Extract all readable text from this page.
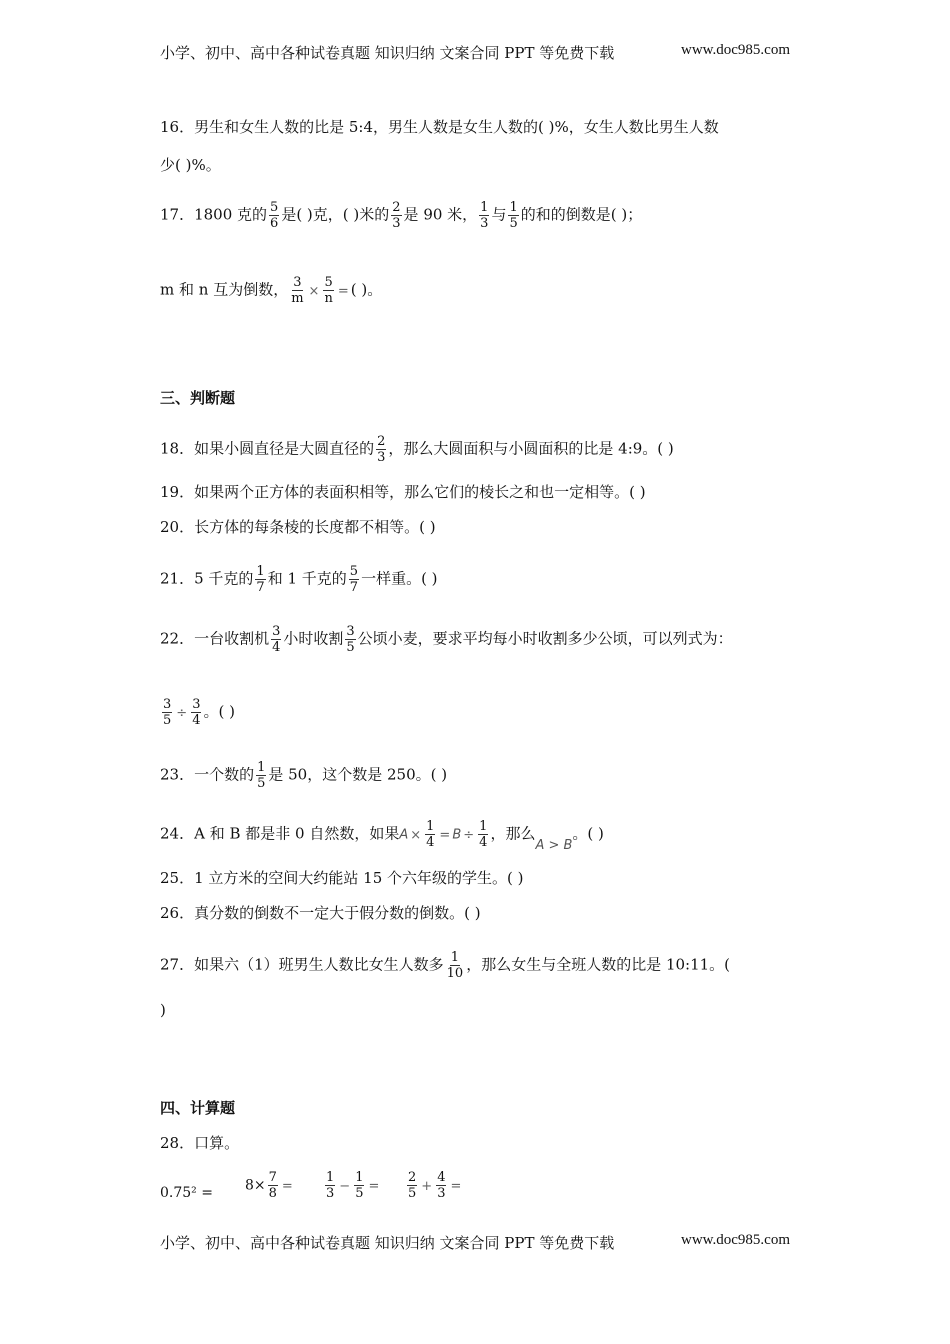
小学、初中、高中各种试卷真题 知识归纳 文案合同 PPT 等免费下载	www.doc985.com
16．男生和女生人数的比是 5:4，男生人数是女生人数的( )%，女生人数比男生人数
少( )%。
17．1800 克的 $\frac{5}{6}$ 是( )克，( )米的 $\frac{2}{3}$ 是 90 米， $\frac{1}{3}$ 与 $\frac{1}{5}$ 的和的倒数是( )；
m 和 n 互为倒数， $\frac{3}{m} \times \frac{5}{n}$ = ( )。
三、判断题
18．如果小圆直径是大圆直径的 $\frac{2}{3}$ ，那么大圆面积与小圆面积的比是 4:9。( )
19．如果两个正方体的表面积相等，那么它们的棱长之和也一定相等。( )
20．长方体的每条棱的长度都不相等。( )
21．5 千克的 $\frac{1}{7}$ 和 1 千克的 $\frac{5}{7}$ 一样重。( )
22．一台收割机 $\frac{3}{4}$ 小时收割 $\frac{3}{5}$ 公顷小麦，要求平均每小时收割多少公顷，可以列式为：
$\frac{3}{5} \div \frac{3}{4}$ 。( )
23．一个数的 $\frac{1}{5}$ 是 50，这个数是 250。( )
24．A 和 B 都是非 0 自然数，如果$A \times \frac{1}{4} = B \div \frac{1}{4}$ ，那么A > B。( )
25．1 立方米的空间大约能站 15 个六年级的学生。( )
26．真分数的倒数不一定大于假分数的倒数。( )
27．如果六（1）班男生人数比女生人数多 $\frac{1}{10}$ ，那么女生与全班人数的比是 10:11。(
)
四、计算题
28．口算。
$0.75^2 = 8\times \frac{7}{8} = \frac{1}{3} - \frac{1}{5} = \frac{2}{5} + \frac{4}{3}$ =
小学、初中、高中各种试卷真题 知识归纳 文案合同 PPT 等免费下载	www.doc985.com
